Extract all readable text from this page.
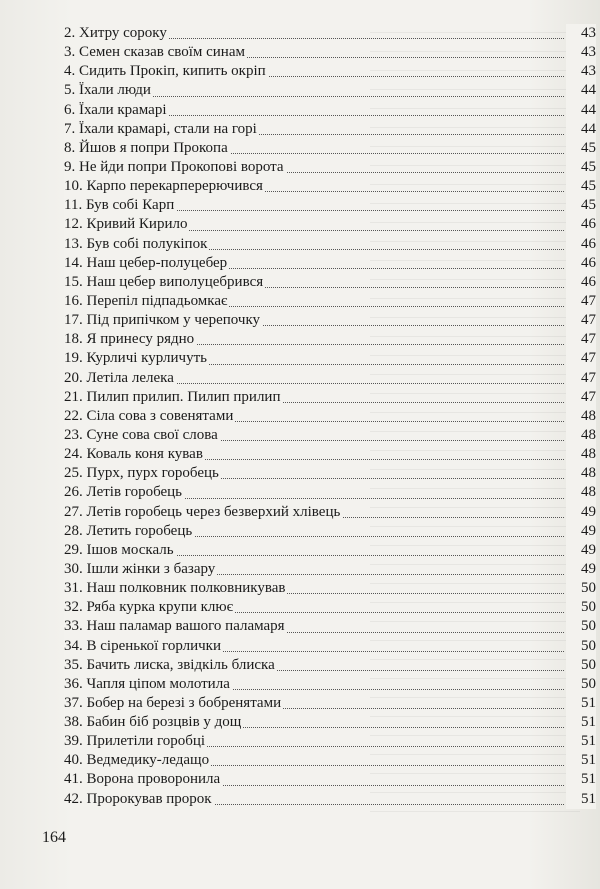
2. Хитру сороку	43
3. Семен сказав своїм синам	43
4. Сидить Прокіп, кипить окріп	43
5. Їхали люди	44
6. Їхали крамарі	44
7. Їхали крамарі, стали на горі	44
8. Йшов я попри Прокопа	45
9. Не йди попри Прокопові ворота	45
10. Карпо перекарперерючився	45
11. Був собі Карп	45
12. Кривий Кирило	46
13. Був собі полукіпок	46
14. Наш цебер-полуцебер	46
15. Наш цебер виполуцебрився	46
16. Перепіл підпадьомкає	47
17. Під припічком у черепочку	47
18. Я принесу рядно	47
19. Курличі курличуть	47
20. Летіла лелека	47
21. Пилип прилип. Пилип прилип	47
22. Сіла сова з совенятами	48
23. Суне сова свої слова	48
24. Коваль коня кував	48
25. Пурх, пурх горобець	48
26. Летів горобець	48
27. Летів горобець через безверхий хлівець	49
28. Летить горобець	49
29. Ішов москаль	49
30. Ішли жінки з базару	49
31. Наш полковник полковникував	50
32. Ряба курка крупи клює	50
33. Наш паламар вашого паламаря	50
34. В сіренької горлички	50
35. Бачить лиска, звідкіль блиска	50
36. Чапля ціпом молотила	50
37. Бобер на березі з бобренятами	51
38. Бабин біб розцвів у дощ	51
39. Прилетіли горобці	51
40. Ведмедику-ледащо	51
41. Ворона проворонила	51
42. Пророкував пророк	51
164
